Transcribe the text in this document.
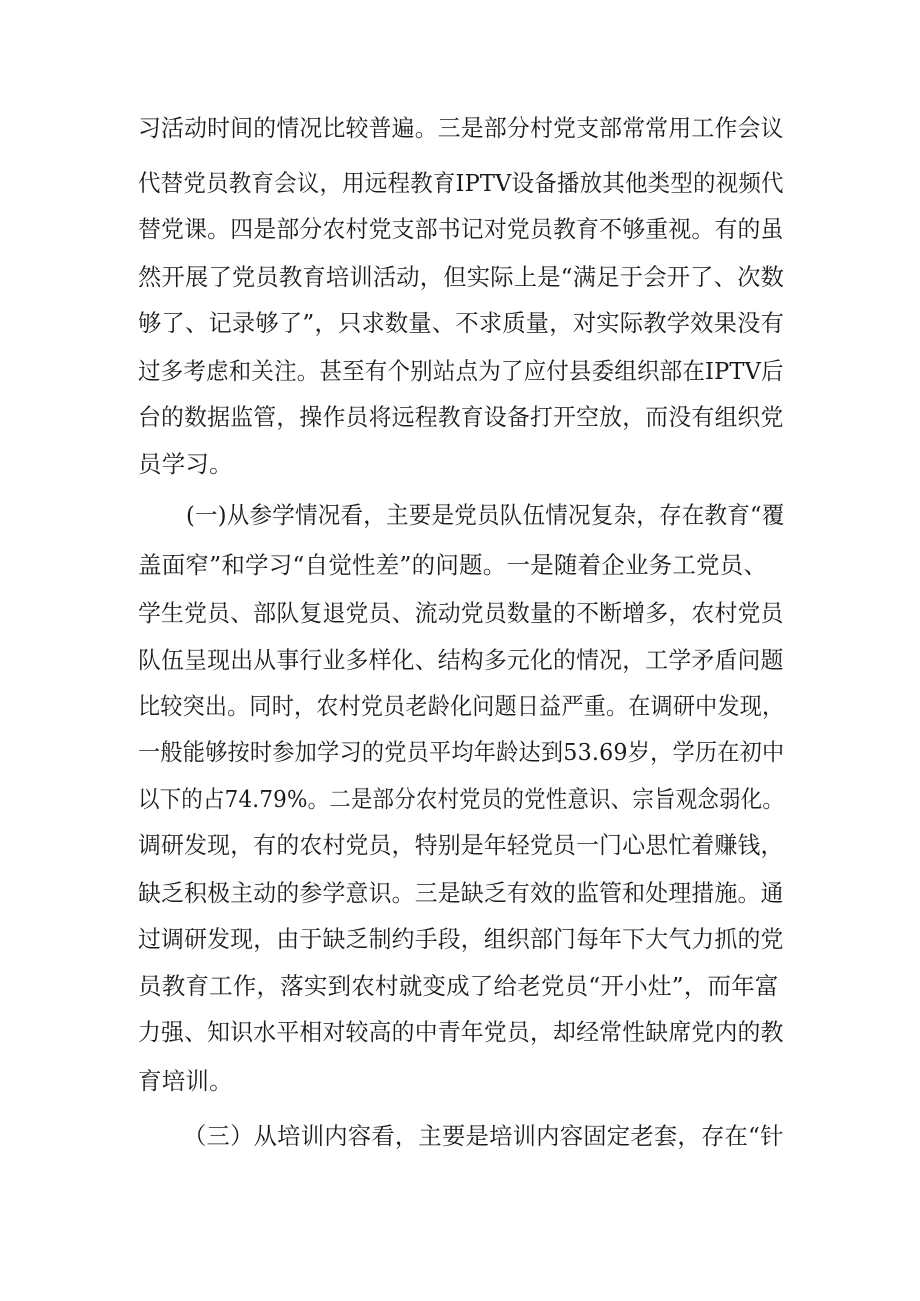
习活动时间的情况比较普遍。三是部分村党支部常常用工作会议
代替党员教育会议，用远程教育IPTV设备播放其他类型的视频代
替党课。四是部分农村党支部书记对党员教育不够重视。有的虽
然开展了党员教育培训活动，但实际上是“满足于会开了、次数
够了、记录够了”，只求数量、不求质量，对实际教学效果没有
过多考虑和关注。甚至有个别站点为了应付县委组织部在IPTV后
台的数据监管，操作员将远程教育设备打开空放，而没有组织党
员学习。
(一)从参学情况看，主要是党员队伍情况复杂，存在教育“覆
盖面窄”和学习“自觉性差”的问题。一是随着企业务工党员、
学生党员、部队复退党员、流动党员数量的不断增多，农村党员
队伍呈现出从事行业多样化、结构多元化的情况，工学矛盾问题
比较突出。同时，农村党员老龄化问题日益严重。在调研中发现，
一般能够按时参加学习的党员平均年龄达到53.69岁，学历在初中
以下的占74.79%。二是部分农村党员的党性意识、宗旨观念弱化。
调研发现，有的农村党员，特别是年轻党员一门心思忙着赚钱，
缺乏积极主动的参学意识。三是缺乏有效的监管和处理措施。通
过调研发现，由于缺乏制约手段，组织部门每年下大气力抓的党
员教育工作，落实到农村就变成了给老党员“开小灶”，而年富
力强、知识水平相对较高的中青年党员，却经常性缺席党内的教
育培训。
（三）从培训内容看，主要是培训内容固定老套，存在“针
